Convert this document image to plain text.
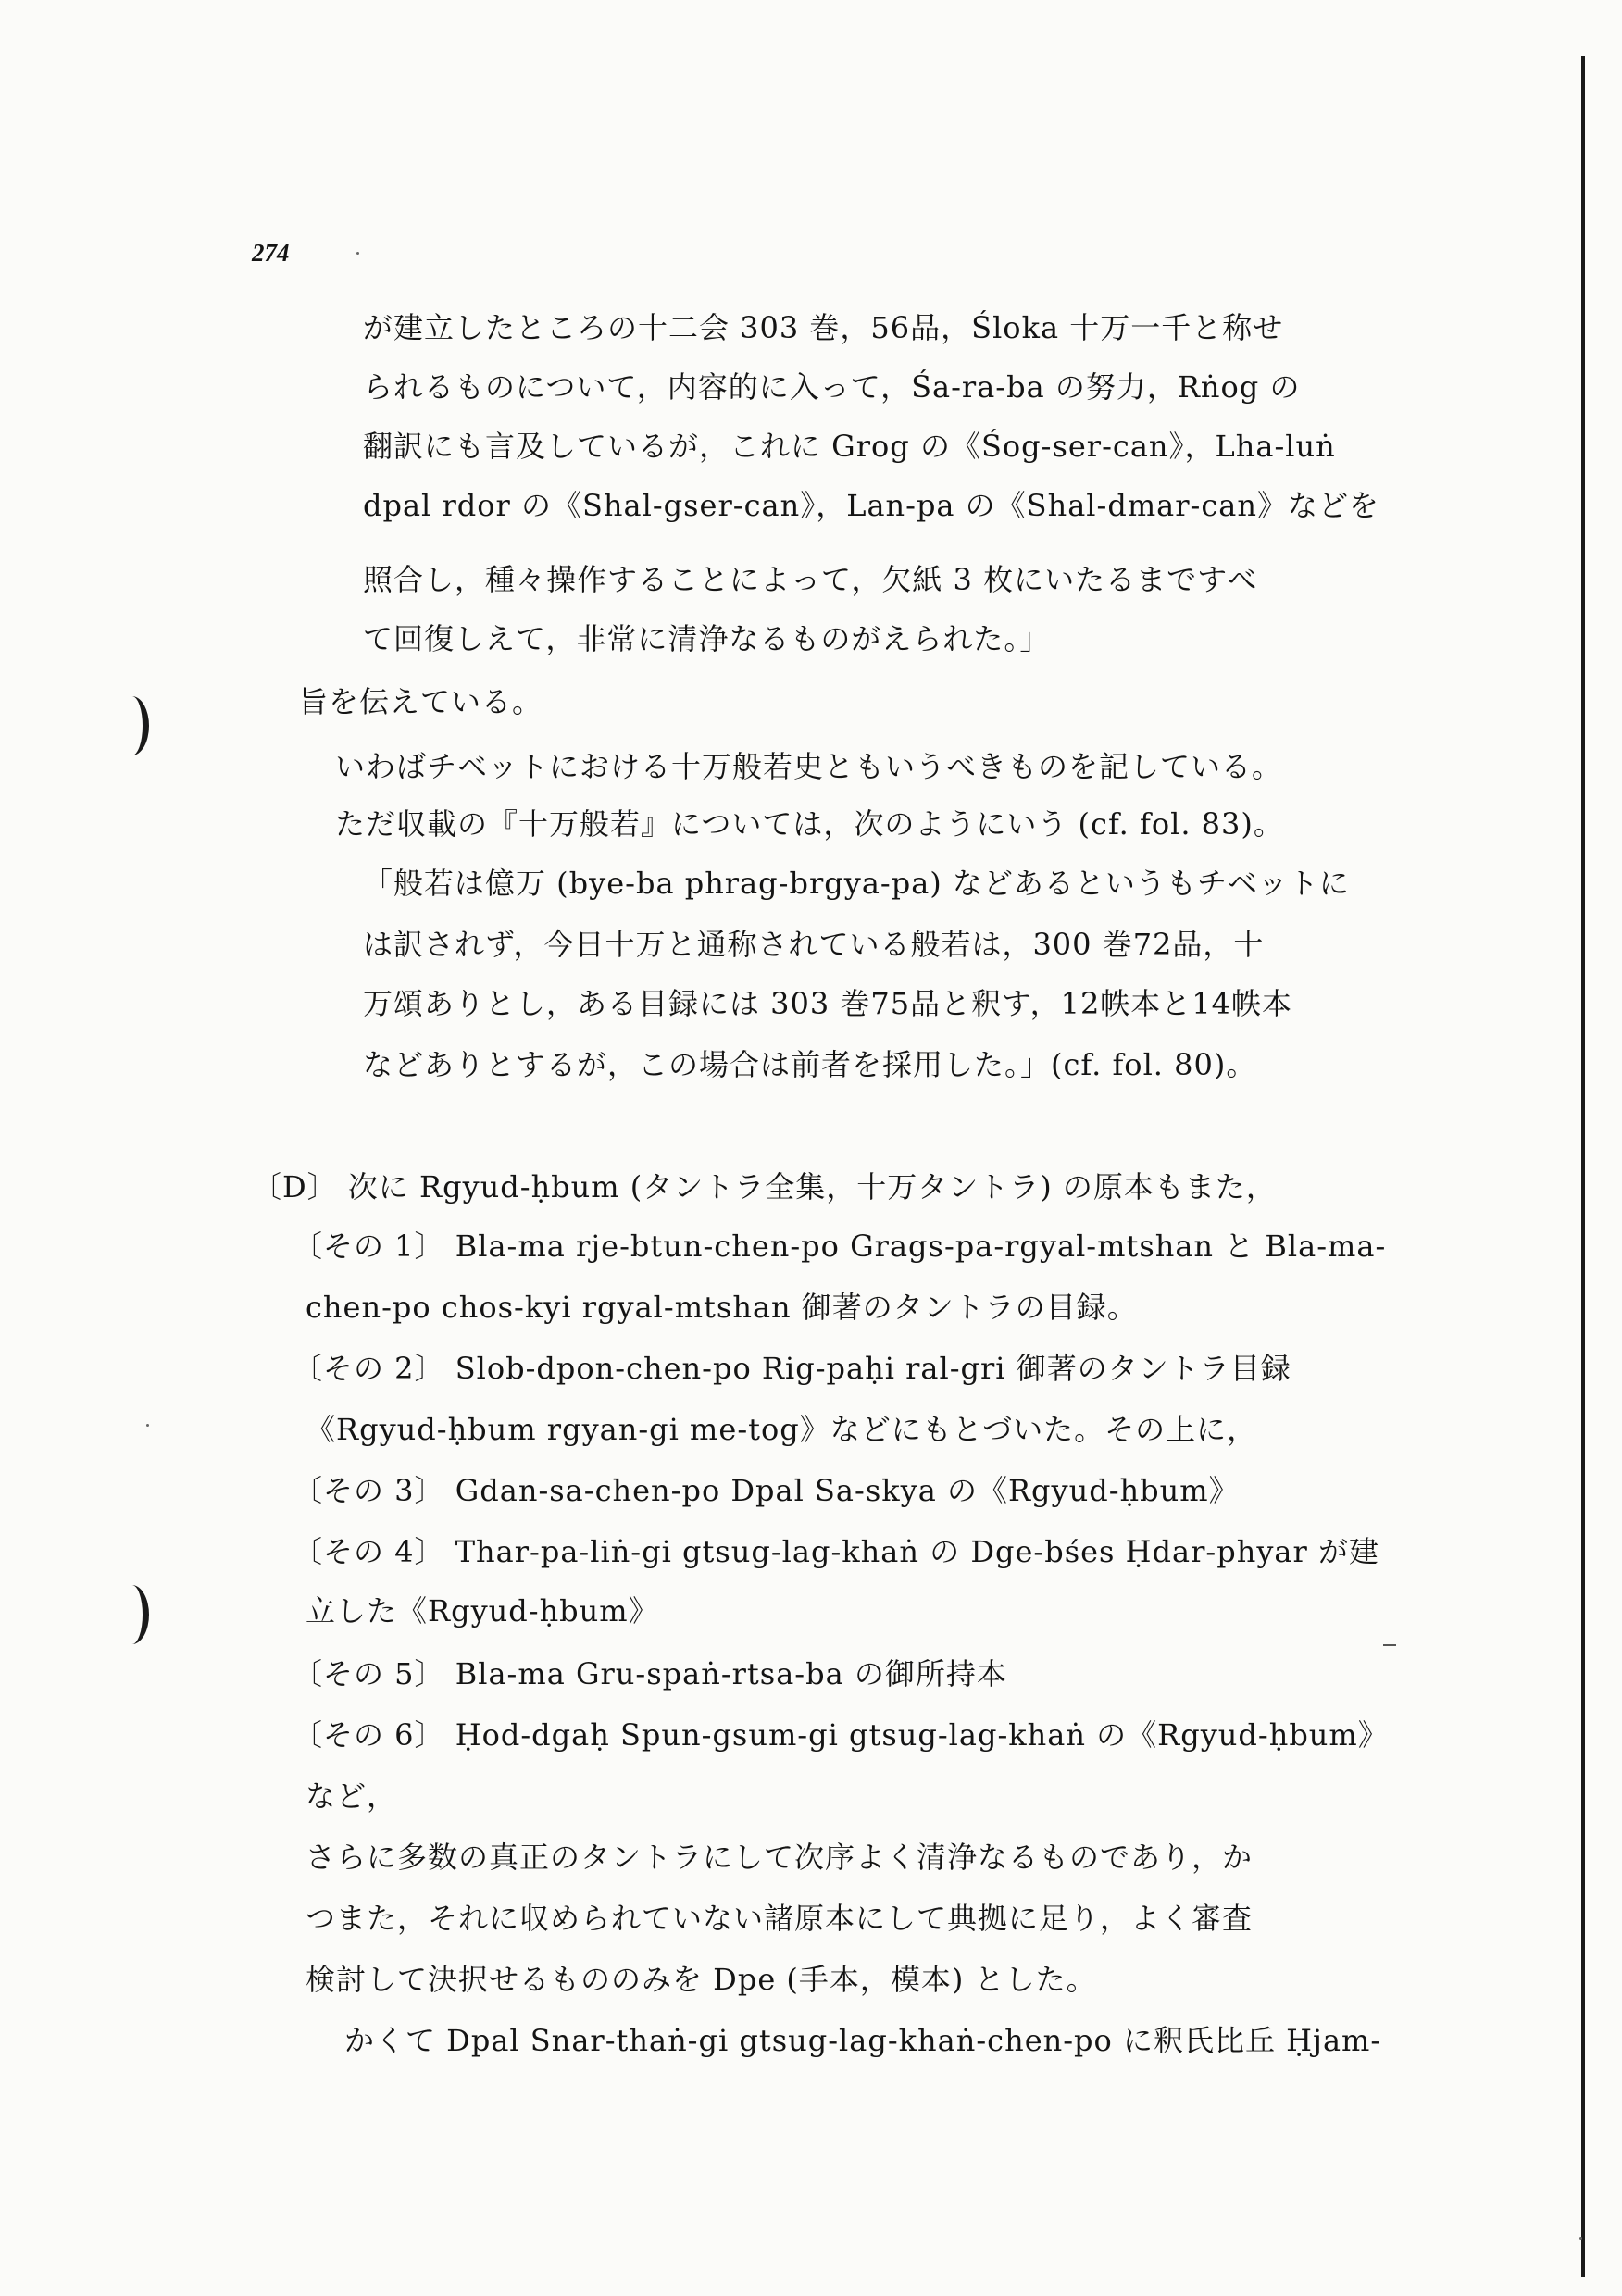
274
が建立したところの十二会 303 巻，56品，Śloka 十万一千と称せ
られるものについて，内容的に入って，Śa-ra-ba の努力，Rṅog の
翻訳にも言及しているが，これに Grog の《Śog-ser-can》，Lha-luṅ
dpal rdor の《Shal-gser-can》，Lan-pa の《Shal-dmar-can》などを
照合し，種々操作することによって，欠紙 3 枚にいたるまですべ
て回復しえて，非常に清浄なるものがえられた。」
旨を伝えている。
いわばチベットにおける十万般若史ともいうべきものを記している。
ただ収載の『十万般若』については，次のようにいう (cf. fol. 83)。
「般若は億万 (bye-ba phrag-brgya-pa) などあるというもチベットに
は訳されず，今日十万と通称されている般若は，300 巻72品，十
万頌ありとし，ある目録には 303 巻75品と釈す，12帙本と14帙本
などありとするが，この場合は前者を採用した。」(cf. fol. 80)。
〔D〕 次に Rgyud-ḥbum (タントラ全集，十万タントラ) の原本もまた，
〔その 1〕 Bla-ma rje-btun-chen-po Grags-pa-rgyal-mtshan と Bla-ma-
chen-po chos-kyi rgyal-mtshan 御著のタントラの目録。
〔その 2〕 Slob-dpon-chen-po Rig-paḥi ral-gri 御著のタントラ目録
《Rgyud-ḥbum rgyan-gi me-tog》などにもとづいた。その上に，
〔その 3〕 Gdan-sa-chen-po Dpal Sa-skya の《Rgyud-ḥbum》
〔その 4〕 Thar-pa-liṅ-gi gtsug-lag-khaṅ の Dge-bśes Ḥdar-phyar が建
立した《Rgyud-ḥbum》
〔その 5〕 Bla-ma Gru-spaṅ-rtsa-ba の御所持本
〔その 6〕 Ḥod-dgaḥ Spun-gsum-gi gtsug-lag-khaṅ の《Rgyud-ḥbum》
など，
さらに多数の真正のタントラにして次序よく清浄なるものであり，か
つまた，それに収められていない諸原本にして典拠に足り，よく審査
検討して決択せるもののみを Dpe (手本，模本) とした。
かくて Dpal Snar-thaṅ-gi gtsug-lag-khaṅ-chen-po に釈氏比丘 Ḥjam-
